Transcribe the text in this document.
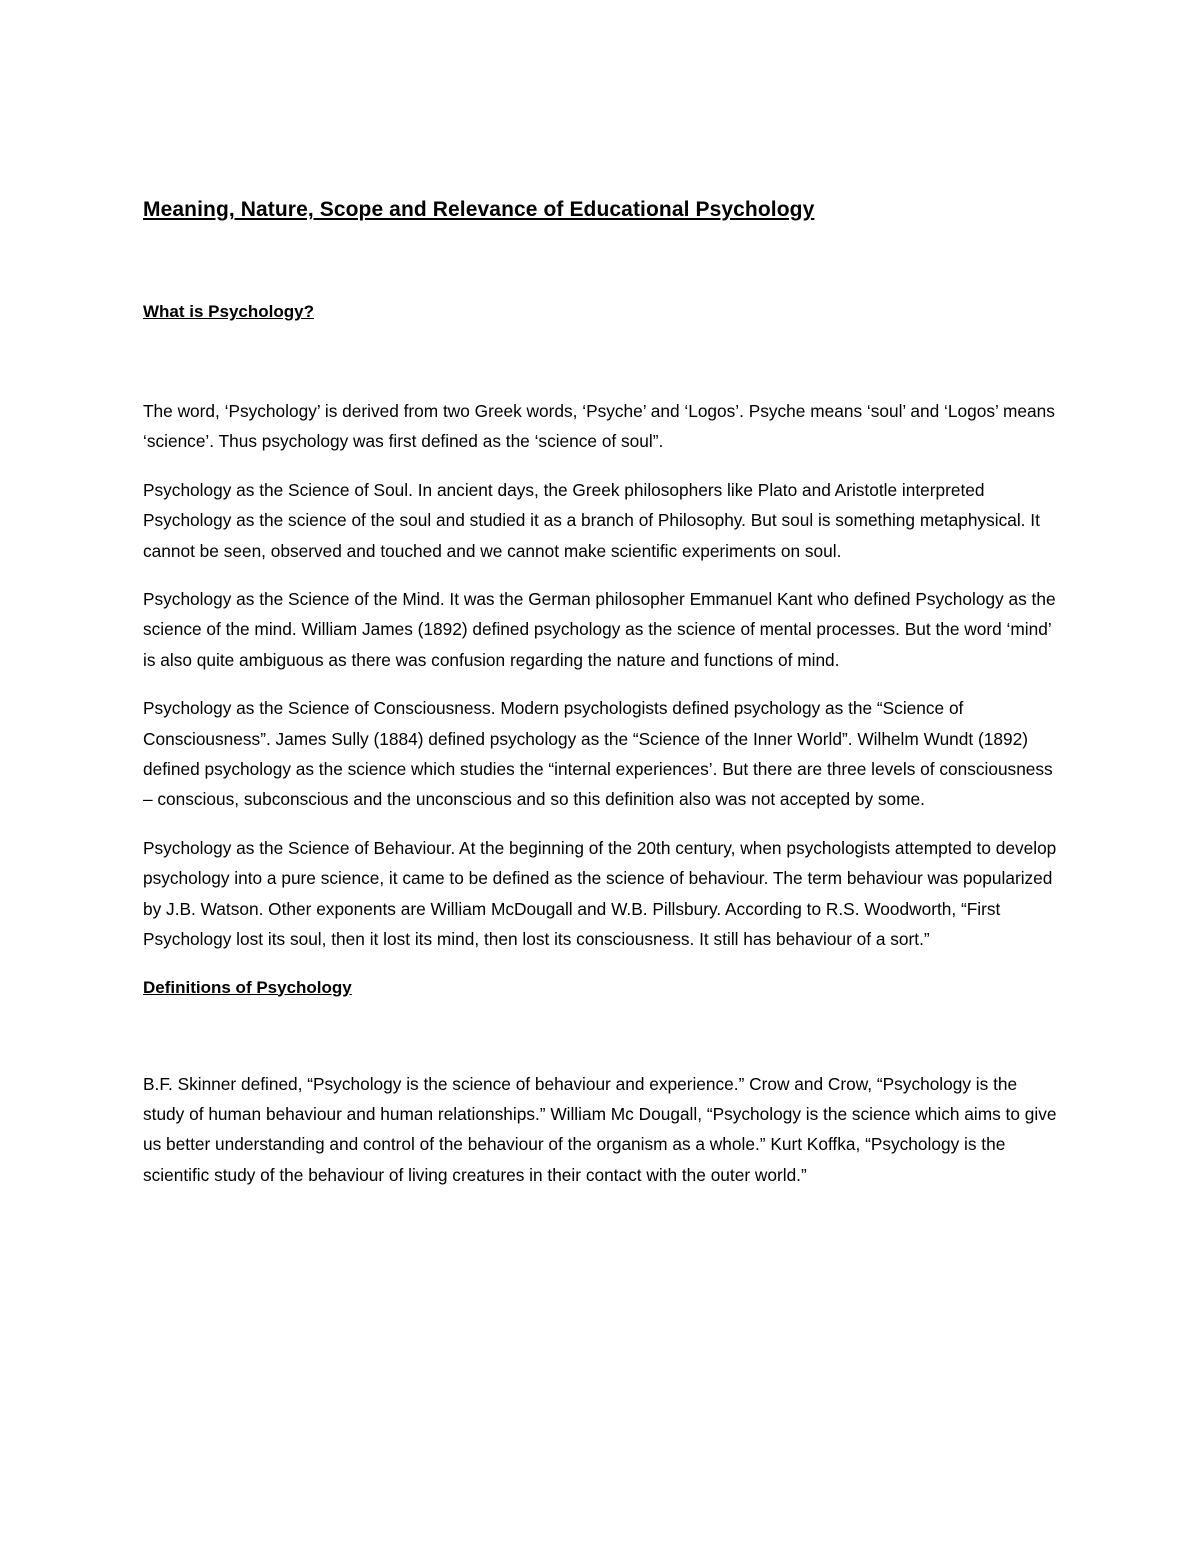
Meaning, Nature, Scope and Relevance of Educational Psychology
What is Psychology?

The word, ‘Psychology’ is derived from two Greek words, ‘Psyche’ and ‘Logos’. Psyche means ‘soul’ and ‘Logos’ means ‘science’. Thus psychology was first defined as the ‘science of soul”.

Psychology as the Science of Soul. In ancient days, the Greek philosophers like Plato and Aristotle interpreted Psychology as the science of the soul and studied it as a branch of Philosophy. But soul is something metaphysical. It cannot be seen, observed and touched and we cannot make scientific experiments on soul.

Psychology as the Science of the Mind. It was the German philosopher Emmanuel Kant who defined Psychology as the science of the mind. William James (1892) defined psychology as the science of mental processes. But the word ‘mind’ is also quite ambiguous as there was confusion regarding the nature and functions of mind.

Psychology as the Science of Consciousness. Modern psychologists defined psychology as the “Science of Consciousness”. James Sully (1884) defined psychology as the “Science of the Inner World”. Wilhelm Wundt (1892) defined psychology as the science which studies the “internal experiences’. But there are three levels of consciousness – conscious, subconscious and the unconscious and so this definition also was not accepted by some.

Psychology as the Science of Behaviour. At the beginning of the 20th century, when psychologists attempted to develop psychology into a pure science, it came to be defined as the science of behaviour. The term behaviour was popularized by J.B. Watson. Other exponents are William McDougall and W.B. Pillsbury. According to R.S. Woodworth, “First Psychology lost its soul, then it lost its mind, then lost its consciousness. It still has behaviour of a sort.”

Definitions of Psychology

B.F. Skinner defined, “Psychology is the science of behaviour and experience.” Crow and Crow, “Psychology is the study of human behaviour and human relationships.” William Mc Dougall, “Psychology is the science which aims to give us better understanding and control of the behaviour of the organism as a whole.” Kurt Koffka, “Psychology is the scientific study of the behaviour of living creatures in their contact with the outer world.”
